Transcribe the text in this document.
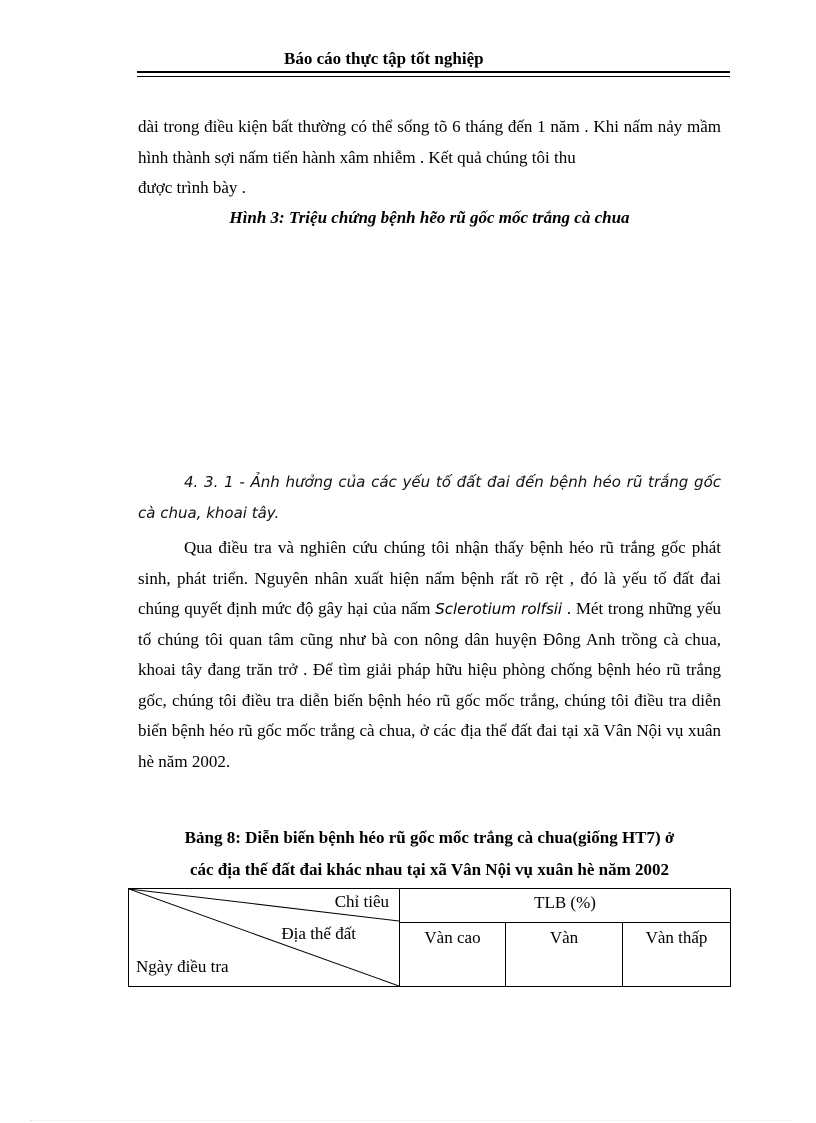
Báo cáo thực tập tốt nghiệp
dài trong điều kiện bất thường có thể sống tõ 6 tháng đến 1 năm . Khi nấm nảy mầm hình thành sợi nấm tiến hành xâm nhiễm . Kết quả chúng tôi thu
được trình bày .
Hình 3: Triệu chứng bệnh hẽo rũ gốc mốc trắng cà chua
4. 3. 1 - Ảnh hưởng của các yếu tố đất đai đến bệnh héo rũ trắng gốc cà chua, khoai tây.
Qua điều tra và nghiên cứu chúng tôi nhận thấy bệnh héo rũ trắng gốc phát sinh, phát triển. Nguyên nhân xuất hiện nấm bệnh rất rõ rệt , đó là yếu tố đất đai chúng quyết định mức độ gây hại của nấm Sclerotium rolfsii . Mét trong những yếu tố chúng tôi quan tâm cũng như bà con nông dân huyện Đông Anh trồng cà chua, khoai tây đang trăn trở . Để tìm giải pháp hữu hiệu phòng chống bệnh héo rũ trắng gốc, chúng tôi điều tra diễn biến bệnh héo rũ gốc mốc trắng, chúng tôi điều tra diễn biến bệnh héo rũ gốc mốc trắng cà chua, ở các địa thế đất đai tại xã Vân Nội vụ xuân hè năm 2002.
Bảng 8: Diễn biến bệnh héo rũ gốc mốc trắng cà chua(giống HT7) ở
các địa thế đất đai khác nhau tại xã Vân Nội vụ xuân hè năm 2002
Chỉ tiêu
Địa thế đất
Ngày điều tra	TLB (%)		
	Vàn cao	Vàn	Vàn thấp
